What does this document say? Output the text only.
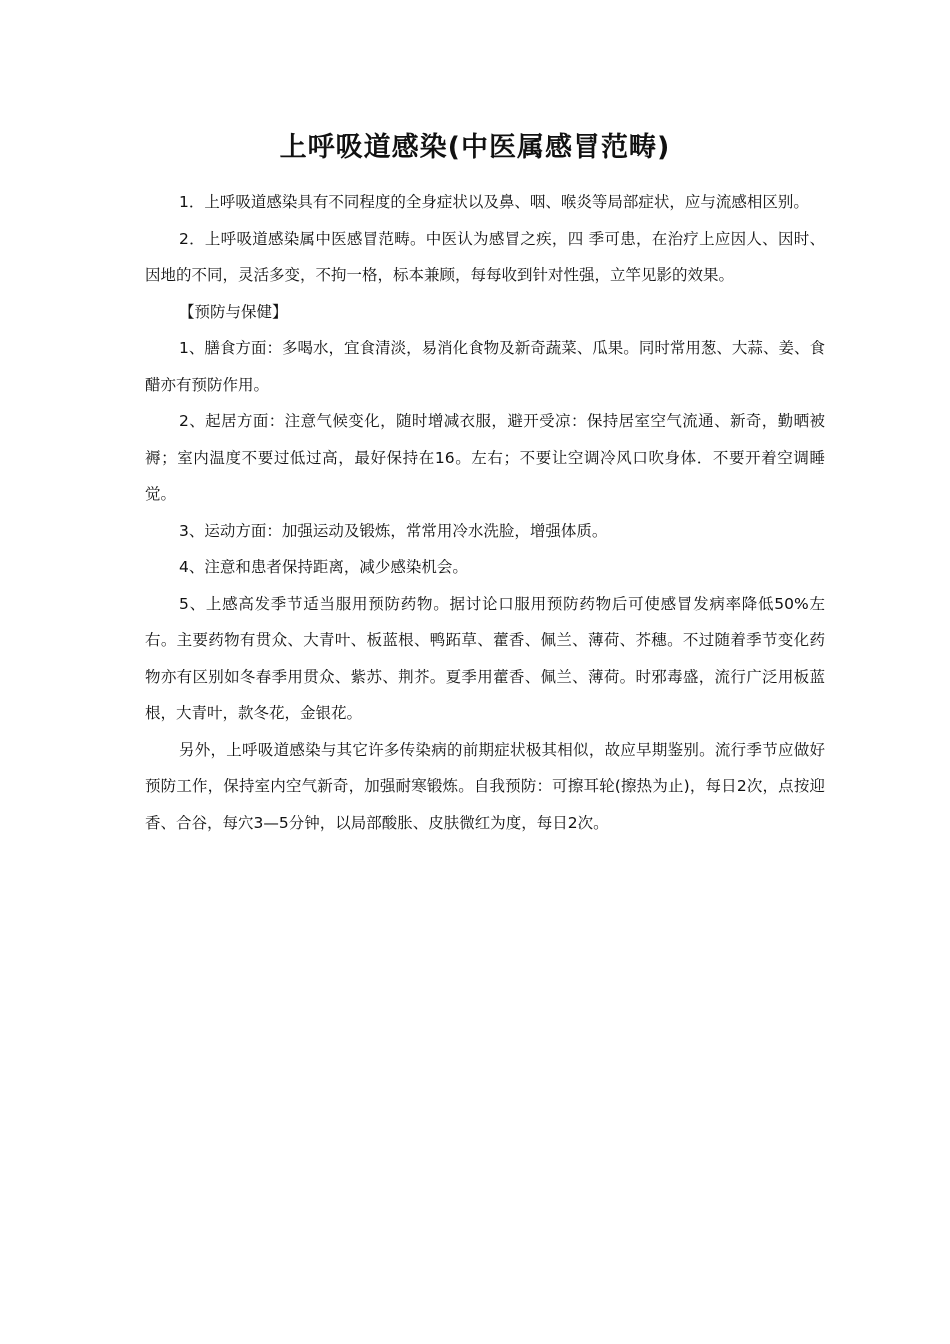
上呼吸道感染(中医属感冒范畴)

1．上呼吸道感染具有不同程度的全身症状以及鼻、咽、喉炎等局部症状，应与流感相区别。

2．上呼吸道感染属中医感冒范畴。中医认为感冒之疾，四 季可患，在治疗上应因人、因时、因地的不同，灵活多变，不拘一格，标本兼顾，每每收到针对性强，立竿见影的效果。

【预防与保健】

1、膳食方面：多喝水，宜食清淡，易消化食物及新奇蔬菜、瓜果。同时常用葱、大蒜、姜、食醋亦有预防作用。

2、起居方面：注意气候变化，随时增减衣服，避开受凉：保持居室空气流通、新奇，勤晒被褥；室内温度不要过低过高，最好保持在16。左右；不要让空调冷风口吹身体．不要开着空调睡觉。

3、运动方面：加强运动及锻炼，常常用冷水洗脸，增强体质。

4、注意和患者保持距离，减少感染机会。

5、上感高发季节适当服用预防药物。据讨论口服用预防药物后可使感冒发病率降低50%左右。主要药物有贯众、大青叶、板蓝根、鸭跖草、藿香、佩兰、薄荷、芥穗。不过随着季节变化药物亦有区别如冬春季用贯众、紫苏、荆芥。夏季用藿香、佩兰、薄荷。时邪毒盛，流行广泛用板蓝根，大青叶，款冬花，金银花。

另外，上呼吸道感染与其它许多传染病的前期症状极其相似，故应早期鉴别。流行季节应做好预防工作，保持室内空气新奇，加强耐寒锻炼。自我预防：可擦耳轮(擦热为止)，每日2次，点按迎香、合谷，每穴3—5分钟，以局部酸胀、皮肤微红为度，每日2次。
